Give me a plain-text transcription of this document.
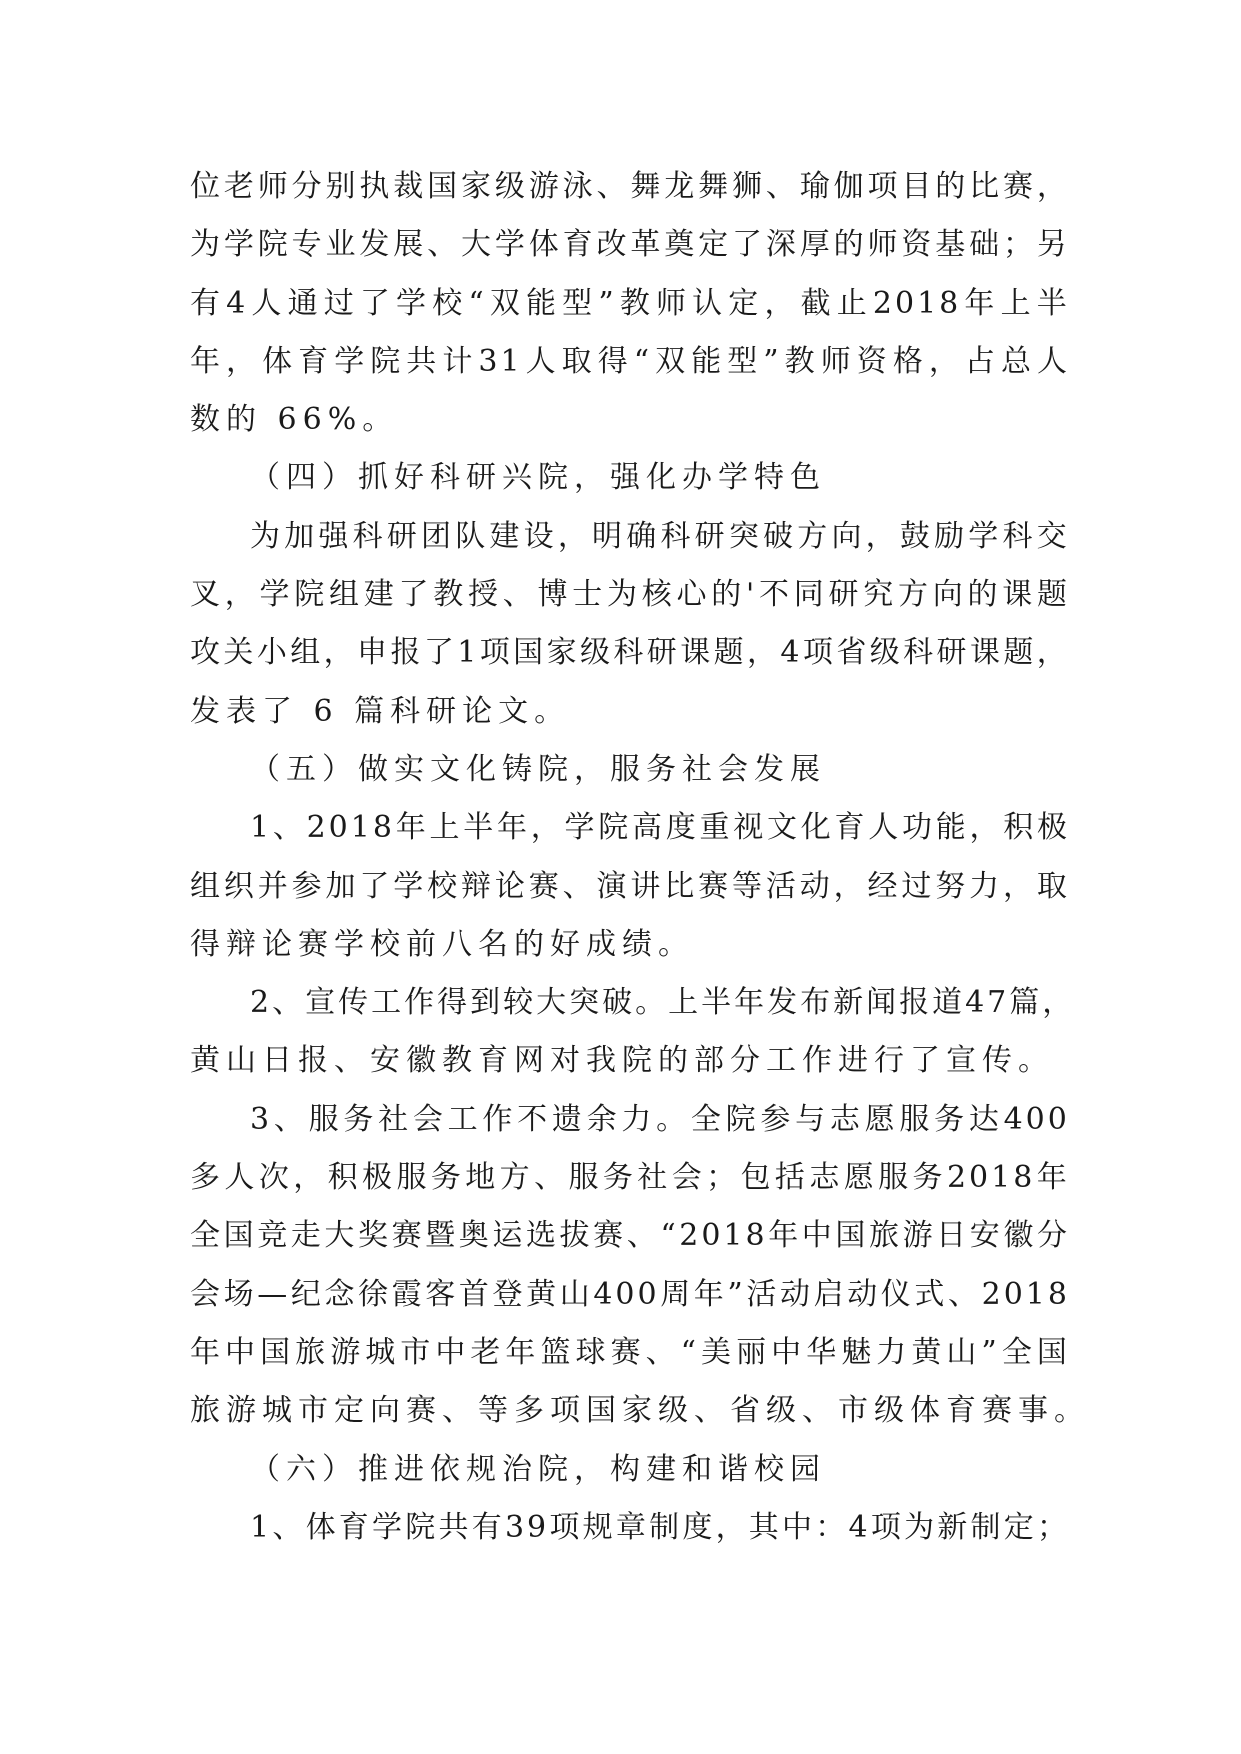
位 老 师 分 别 执 裁 国 家 级 游 泳 、 舞 龙 舞 狮 、 瑜 伽 项 目 的 比 赛 ，
为 学 院 专 业 发 展 、 大 学 体 育 改 革 奠 定 了 深 厚 的 师 资 基 础 ； 另
有 4 人 通 过 了 学 校 “ 双 能 型 ” 教 师 认 定 ， 截 止 2018 年 上 半
年 ， 体 育 学 院 共 计 31 人 取 得 “ 双 能 型 ” 教 师 资 格 ， 占 总 人
数的 66%。
（四）抓好科研兴院，强化办学特色
为 加 强 科 研 团 队 建 设 ， 明 确 科 研 突 破 方 向 ， 鼓 励 学 科 交
叉 ， 学 院 组 建 了 教 授 、 博 士 为 核 心 的 ' 不 同 研 究 方 向 的 课 题
攻 关 小 组 ， 申 报 了 1 项 国 家 级 科 研 课 题 ， 4 项 省 级 科 研 课 题 ，
发表了 6 篇科研论文。
（五）做实文化铸院，服务社会发展
1 、 2018 年 上 半 年 ， 学 院 高 度 重 视 文 化 育 人 功 能 ， 积 极
组 织 并 参 加 了 学 校 辩 论 赛 、 演 讲 比 赛 等 活 动 ， 经 过 努 力 ， 取
得辩论赛学校前八名的好成绩。
2 、 宣 传 工 作 得 到 较 大 突 破 。 上 半 年 发 布 新 闻 报 道 47 篇 ，
黄山日报、安徽教育网对我院的部分工作进行了宣传。
3 、 服 务 社 会 工 作 不 遗 余 力 。 全 院 参 与 志 愿 服 务 达 400
多 人 次 ， 积 极 服 务 地 方 、 服 务 社 会 ； 包 括 志 愿 服 务 2018 年
全 国 竞 走 大 奖 赛 暨 奥 运 选 拔 赛 、 “ 2018 年 中 国 旅 游 日 安 徽 分
会 场 — 纪 念 徐 霞 客 首 登 黄 山 400 周 年 ” 活 动 启 动 仪 式 、 2018
年 中 国 旅 游 城 市 中 老 年 篮 球 赛 、 “ 美 丽 中 华 魅 力 黄 山 ” 全 国
旅游城市定向赛、等多项国家级、省级、市级体育赛事。
（六）推进依规治院，构建和谐校园
1 、 体 育 学 院 共 有 39 项 规 章 制 度 ， 其 中 ： 4 项 为 新 制 定 ；
